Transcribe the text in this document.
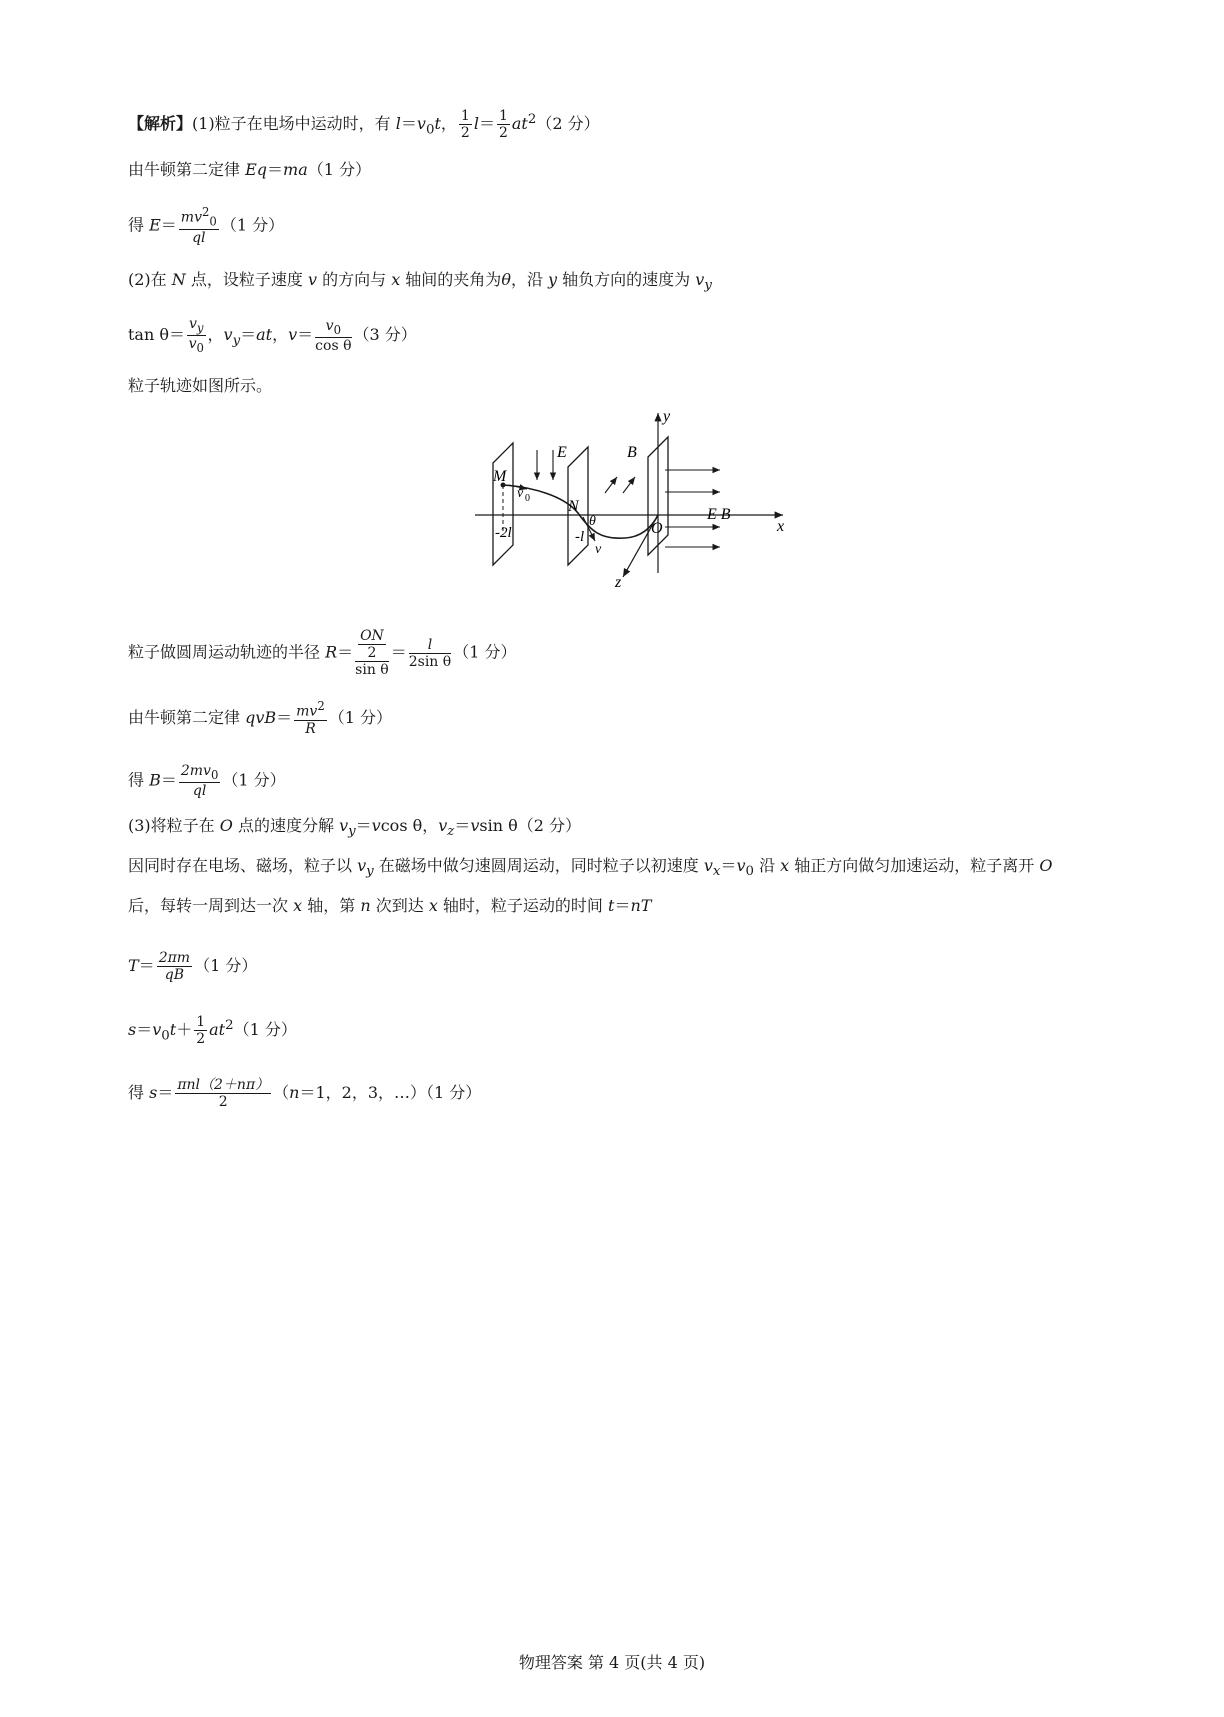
【解析】(1)粒子在电场中运动时，有 $l=v_0t$， $\frac{1}{2} l= \frac{1}{2} at^2(2$ 分）
由牛顿第二定律 Eq＝ma（1 分）
得 $E= \frac{mv^2_0}{ql} (1$ 分）
(2)在 N 点，设粒子速度 v 的方向与 x 轴间的夹角为θ，沿 y 轴负方向的速度为 $v_y$
$\tan \theta= \frac{v_y}{v_0}$ ，$v_y=at$，$v= \frac{v_0}{\text{cos θ}} (3$ 分）
粒子轨迹如图所示。
y
x
z
E	B
E B
M
N
O
v 0
v
θ
-2l	-l
粒子做圆周运动轨迹的半径 $R= \frac{\frac{ON}{2}}{\text{sin θ}} = \frac{l}{\text{2sin θ}} (1$ 分）
由牛顿第二定律 $qvB= \frac{mv^2}{R} (1$ 分）
得 $B= \frac{2mv_0}{ql} (1$ 分）
(3)将粒子在 O 点的速度分解 $v_y=vcos$ θ，$v_z=vsin$ θ（2 分）
因同时存在电场、磁场，粒子以 $v_y$ 在磁场中做匀速圆周运动，同时粒子以初速度 $v_x=v_0$ 沿 x 轴正方向做匀加速运动，粒子离开 O
后，每转一周到达一次 x 轴，第 n 次到达 x 轴时，粒子运动的时间 t＝nT
$T= \frac{2\pi m}{qB} (1$ 分）
$s=v_0t+ \frac{1}{2} at^2(1$ 分）
得 $s= \frac{\text{πnl（2＋nπ）}}{2} (n=1$，2，3，…）（1 分）
物理答案 第 4 页(共 4 页)
